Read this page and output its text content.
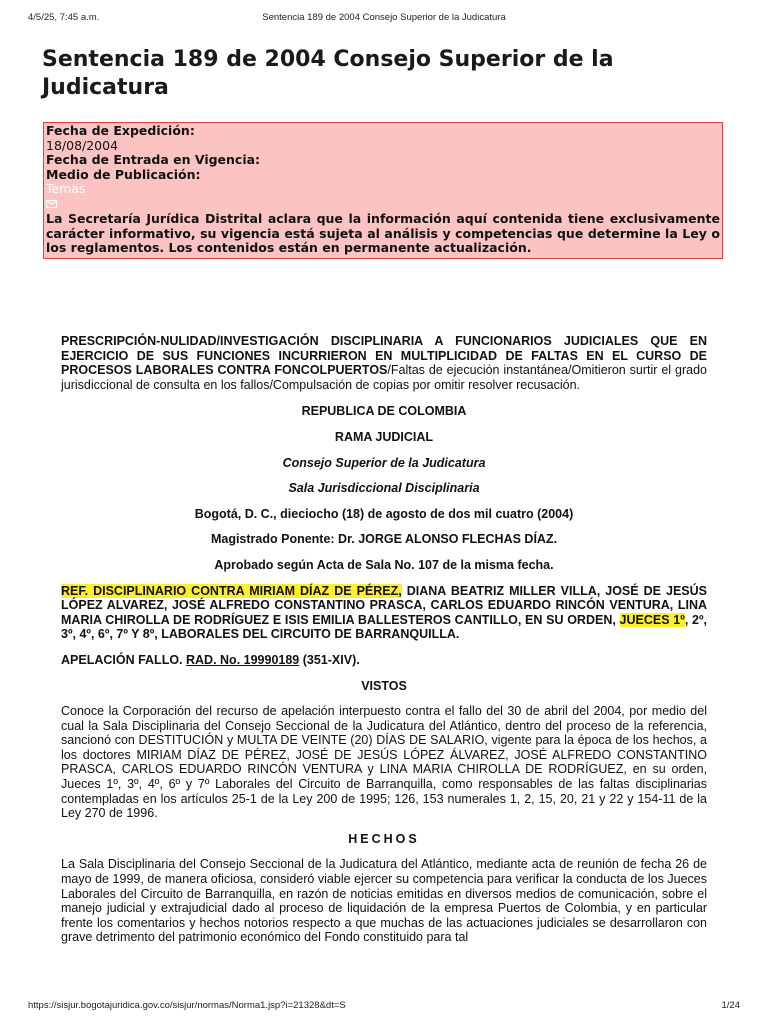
4/5/25, 7:45 a.m.	Sentencia 189 de 2004 Consejo Superior de la Judicatura
Sentencia 189 de 2004 Consejo Superior de la Judicatura
Fecha de Expedición:
18/08/2004
Fecha de Entrada en Vigencia:
Medio de Publicación:
Temas
La Secretaría Jurídica Distrital aclara que la información aquí contenida tiene exclusivamente carácter informativo, su vigencia está sujeta al análisis y competencias que determine la Ley o los reglamentos. Los contenidos están en permanente actualización.

PRESCRIPCIÓN-NULIDAD/INVESTIGACIÓN DISCIPLINARIA A FUNCIONARIOS JUDICIALES QUE EN EJERCICIO DE SUS FUNCIONES INCURRIERON EN MULTIPLICIDAD DE FALTAS EN EL CURSO DE PROCESOS LABORALES CONTRA FONCOLPUERTOS/Faltas de ejecución instantánea/Omitieron surtir el grado jurisdiccional de consulta en los fallos/Compulsación de copias por omitir resolver recusación.

REPUBLICA DE COLOMBIA

RAMA JUDICIAL

Consejo Superior de la Judicatura

Sala Jurisdiccional Disciplinaria

Bogotá, D. C., dieciocho (18) de agosto de dos mil cuatro (2004)

Magistrado Ponente: Dr. JORGE ALONSO FLECHAS DÍAZ.

Aprobado según Acta de Sala No. 107 de la misma fecha.

REF. DISCIPLINARIO CONTRA MIRIAM DÍAZ DE PÉREZ, DIANA BEATRIZ MILLER VILLA, JOSÉ DE JESÚS LÓPEZ ALVAREZ, JOSÉ ALFREDO CONSTANTINO PRASCA, CARLOS EDUARDO RINCÓN VENTURA, LINA MARIA CHIROLLA DE RODRÍGUEZ E ISIS EMILIA BALLESTEROS CANTILLO, EN SU ORDEN, JUECES 1º, 2º, 3º, 4º, 6º, 7º Y 8º, LABORALES DEL CIRCUITO DE BARRANQUILLA.

APELACIÓN FALLO. RAD. No. 19990189 (351-XIV).

VISTOS

Conoce la Corporación del recurso de apelación interpuesto contra el fallo del 30 de abril del 2004, por medio del cual la Sala Disciplinaria del Consejo Seccional de la Judicatura del Atlántico, dentro del proceso de la referencia, sancionó con DESTITUCIÓN y MULTA DE VEINTE (20) DÍAS DE SALARIO, vigente para la época de los hechos, a los doctores MIRIAM DÍAZ DE PÉREZ, JOSÉ DE JESÚS LÓPEZ ÁLVAREZ, JOSÉ ALFREDO CONSTANTINO PRASCA, CARLOS EDUARDO RINCÓN VENTURA y LINA MARIA CHIROLLA DE RODRÍGUEZ, en su orden, Jueces 1º, 3º, 4º, 6º y 7º Laborales del Circuito de Barranquilla, como responsables de las faltas disciplinarias contempladas en los artículos 25-1 de la Ley 200 de 1995; 126, 153 numerales 1, 2, 15, 20, 21 y 22 y 154-11 de la Ley 270 de 1996.

HECHOS

La Sala Disciplinaria del Consejo Seccional de la Judicatura del Atlántico, mediante acta de reunión de fecha 26 de mayo de 1999, de manera oficiosa, consideró viable ejercer su competencia para verificar la conducta de los Jueces Laborales del Circuito de Barranquilla, en razón de noticias emitidas en diversos medios de comunicación, sobre el manejo judicial y extrajudicial dado al proceso de liquidación de la empresa Puertos de Colombia, y en particular frente los comentarios y hechos notorios respecto a que muchas de las actuaciones judiciales se desarrollaron con grave detrimento del patrimonio económico del Fondo constituido para tal

https://sisjur.bogotajuridica.gov.co/sisjur/normas/Norma1.jsp?i=21328&dt=S	1/24
